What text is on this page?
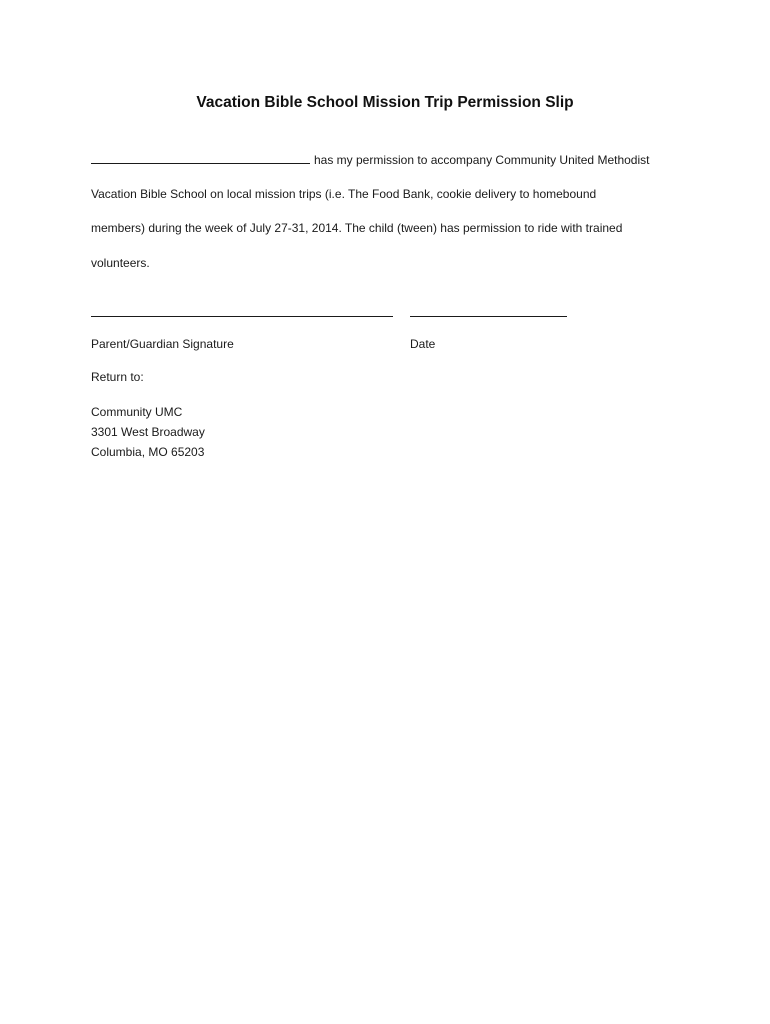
Vacation Bible School Mission Trip Permission Slip
has my permission to accompany Community United Methodist
Vacation Bible School on local mission trips (i.e. The Food Bank, cookie delivery to homebound
members) during the week of July 27-31, 2014. The child (tween) has permission to ride with trained
volunteers.
Parent/Guardian Signature	Date
Return to:
Community UMC
3301 West Broadway
Columbia, MO 65203
